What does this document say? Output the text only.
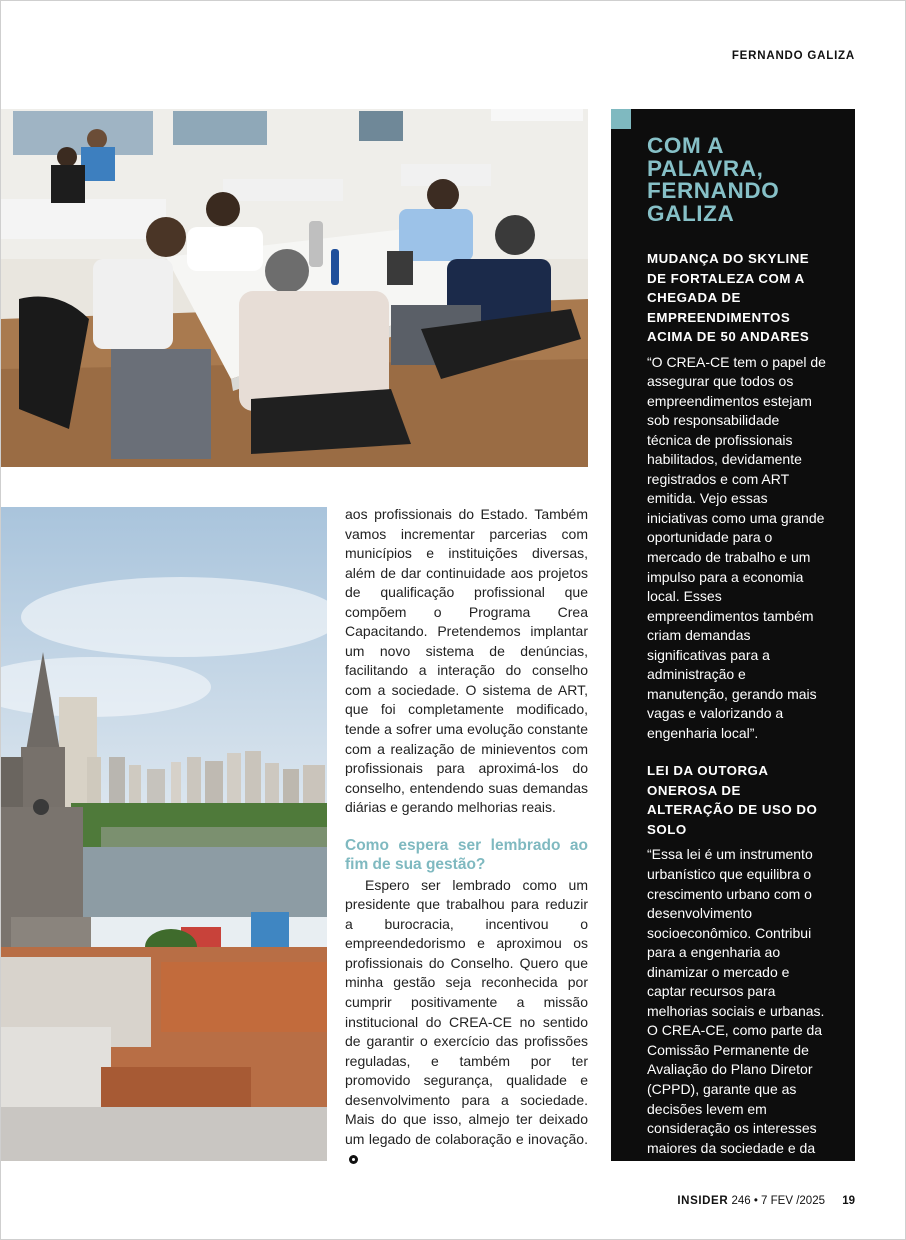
FERNANDO GALIZA

aos profissionais do Estado. Também vamos incrementar parcerias com municípios e instituições diversas, além de dar continuidade aos projetos de qualificação profissional que compõem o Programa Crea Capacitando. Pretendemos implantar um novo sistema de denúncias, facilitando a interação do conselho com a sociedade. O sistema de ART, que foi completamente modificado, tende a sofrer uma evolução constante com a realização de minieventos com profissionais para aproximá-los do conselho, entendendo suas demandas diárias e gerando melhorias reais.

Como espera ser lembrado ao fim de sua gestão?

Espero ser lembrado como um presidente que trabalhou para reduzir a burocracia, incentivou o empreendedorismo e aproximou os profissionais do Conselho. Quero que minha gestão seja reconhecida por cumprir positivamente a missão institucional do CREA-CE no sentido de garantir o exercício das profissões reguladas, e também por ter promovido segurança, qualidade e desenvolvimento para a sociedade. Mais do que isso, almejo ter deixado um legado de colaboração e inovação.

COM A PALAVRA, FERNANDO GALIZA
MUDANÇA DO SKYLINE DE FORTALEZA COM A CHEGADA DE EMPREENDIMENTOS ACIMA DE 50 ANDARES

“O CREA-CE tem o papel de assegurar que todos os empreendimentos estejam sob responsabilidade técnica de profissionais habilitados, devidamente registrados e com ART emitida. Vejo essas iniciativas como uma grande oportunidade para o mercado de trabalho e um impulso para a economia local. Esses empreendimentos também criam demandas significativas para a administração e manutenção, gerando mais vagas e valorizando a engenharia local”.

LEI DA OUTORGA ONEROSA DE ALTERAÇÃO DE USO DO SOLO

“Essa lei é um instrumento urbanístico que equilibra o crescimento urbano com o desenvolvimento socioeconômico. Contribui para a engenharia ao dinamizar o mercado e captar recursos para melhorias sociais e urbanas. O CREA-CE, como parte da Comissão Permanente de Avaliação do Plano Diretor (CPPD), garante que as decisões levem em consideração os interesses maiores da sociedade e da sustentabilidade”.

INSIDER 246 • 7 FEV /2025 19
